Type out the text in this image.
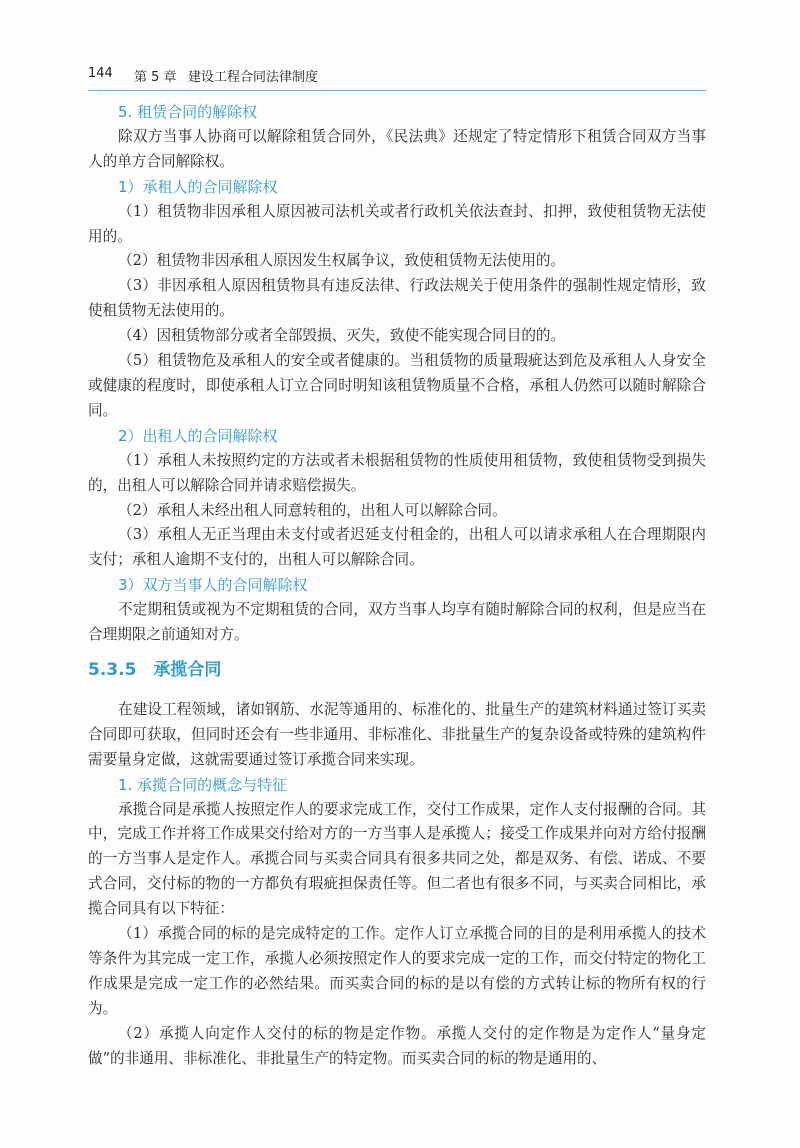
144 第 5 章 建设工程合同法律制度
5. 租赁合同的解除权

除双方当事人协商可以解除租赁合同外，《民法典》还规定了特定情形下租赁合同双方当事人的单方合同解除权。

1）承租人的合同解除权

（1）租赁物非因承租人原因被司法机关或者行政机关依法查封、扣押，致使租赁物无法使用的。

（2）租赁物非因承租人原因发生权属争议，致使租赁物无法使用的。

（3）非因承租人原因租赁物具有违反法律、行政法规关于使用条件的强制性规定情形，致使租赁物无法使用的。

（4）因租赁物部分或者全部毁损、灭失，致使不能实现合同目的的。

（5）租赁物危及承租人的安全或者健康的。当租赁物的质量瑕疵达到危及承租人人身安全或健康的程度时，即使承租人订立合同时明知该租赁物质量不合格，承租人仍然可以随时解除合同。

2）出租人的合同解除权

（1）承租人未按照约定的方法或者未根据租赁物的性质使用租赁物，致使租赁物受到损失的，出租人可以解除合同并请求赔偿损失。

（2）承租人未经出租人同意转租的，出租人可以解除合同。

（3）承租人无正当理由未支付或者迟延支付租金的，出租人可以请求承租人在合理期限内支付；承租人逾期不支付的，出租人可以解除合同。

3）双方当事人的合同解除权

不定期租赁或视为不定期租赁的合同，双方当事人均享有随时解除合同的权利，但是应当在合理期限之前通知对方。

5.3.5　承揽合同

在建设工程领域，诸如钢筋、水泥等通用的、标准化的、批量生产的建筑材料通过签订买卖合同即可获取，但同时还会有一些非通用、非标准化、非批量生产的复杂设备或特殊的建筑构件需要量身定做，这就需要通过签订承揽合同来实现。

1. 承揽合同的概念与特征

承揽合同是承揽人按照定作人的要求完成工作，交付工作成果，定作人支付报酬的合同。其中，完成工作并将工作成果交付给对方的一方当事人是承揽人；接受工作成果并向对方给付报酬的一方当事人是定作人。承揽合同与买卖合同具有很多共同之处，都是双务、有偿、诺成、不要式合同，交付标的物的一方都负有瑕疵担保责任等。但二者也有很多不同，与买卖合同相比，承揽合同具有以下特征：

（1）承揽合同的标的是完成特定的工作。定作人订立承揽合同的目的是利用承揽人的技术等条件为其完成一定工作，承揽人必须按照定作人的要求完成一定的工作，而交付特定的物化工作成果是完成一定工作的必然结果。而买卖合同的标的是以有偿的方式转让标的物所有权的行为。

（2）承揽人向定作人交付的标的物是定作物。承揽人交付的定作物是为定作人“量身定做”的非通用、非标准化、非批量生产的特定物。而买卖合同的标的物是通用的、
